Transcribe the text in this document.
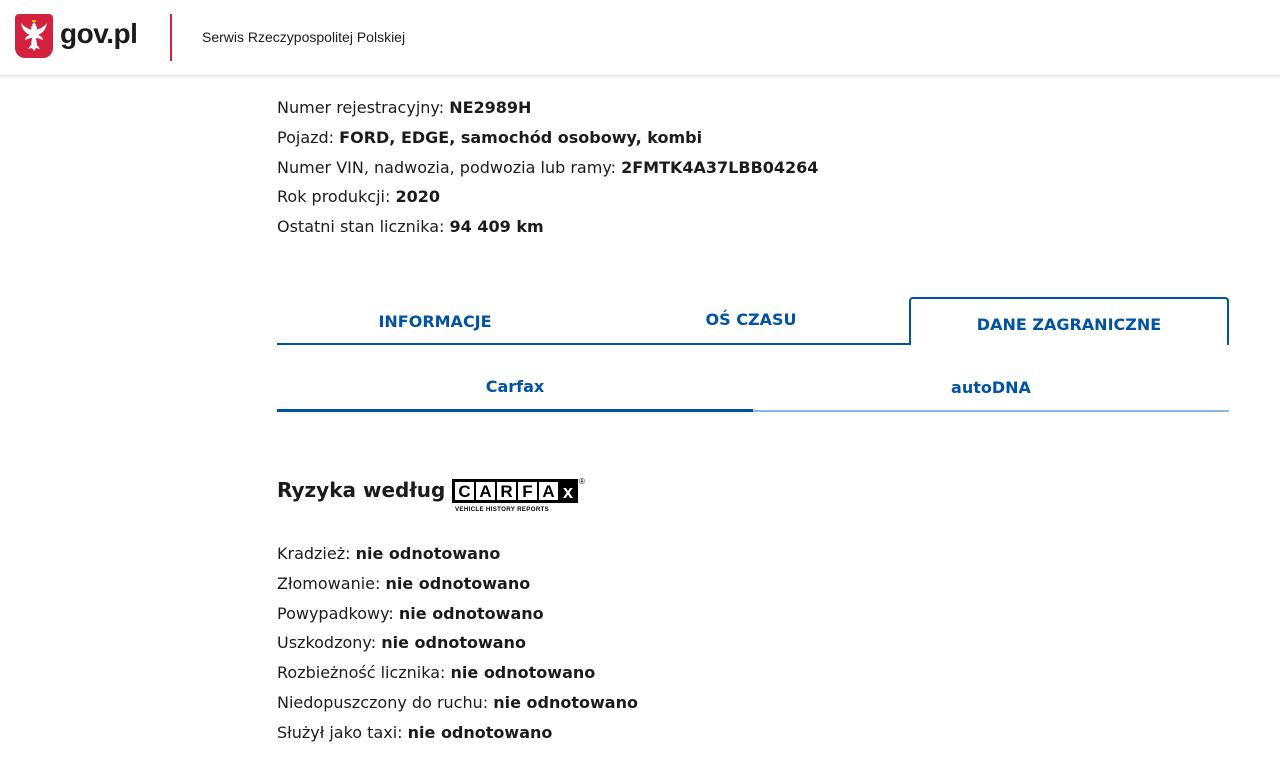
gov.pl	Serwis Rzeczypospolitej Polskiej
Numer rejestracyjny: NE2989H
Pojazd: FORD, EDGE, samochód osobowy, kombi
Numer VIN, nadwozia, podwozia lub ramy: 2FMTK4A37LBB04264
Rok produkcji: 2020
Ostatni stan licznika: 94 409 km
INFORMACJE	OŚ CZASU	DANE ZAGRANICZNE
Carfax	autoDNA
Ryzyka według C A R F A x
VEHICLE HISTORY REPORTS
®
Kradzież: nie odnotowano
Złomowanie: nie odnotowano
Powypadkowy: nie odnotowano
Uszkodzony: nie odnotowano
Rozbieżność licznika: nie odnotowano
Niedopuszczony do ruchu: nie odnotowano
Służył jako taxi: nie odnotowano
